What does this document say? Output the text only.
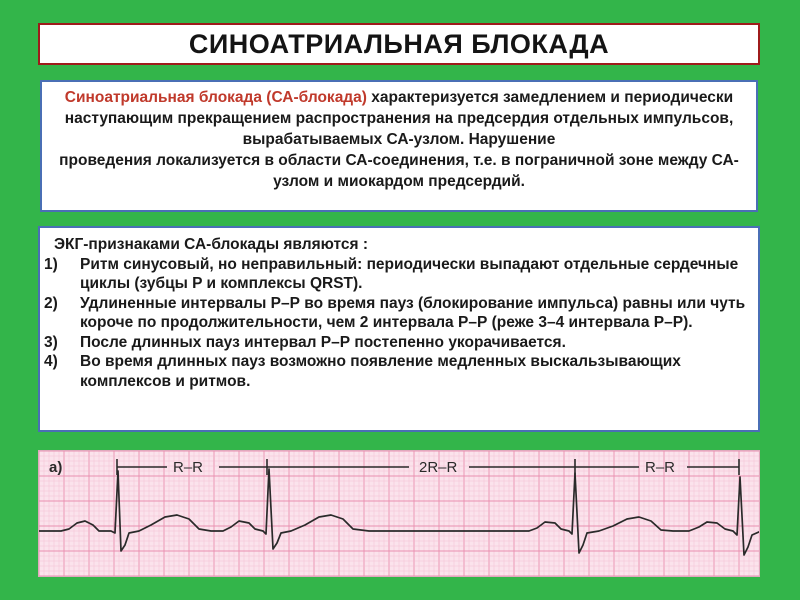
СИНОАТРИАЛЬНАЯ БЛОКАДА
Синоатриальная блокада (СА-блокада) характеризуется замедлением и периодически наступающим прекращением распространения на предсердия отдельных импульсов, вырабатываемых СА-узлом. Нарушение
проведения локализуется в области СА-соединения, т.е. в пограничной зоне между СА-узлом и миокардом предсердий.
ЭКГ-признаками СА-блокады являются :
1)	Ритм синусовый, но неправильный: периодически выпадают отдельные сердечные циклы (зубцы P и комплексы QRST).
2)	Удлиненные интервалы Р–Р во время пауз (блокирование импульса) равны или чуть короче по продолжительности, чем 2 интервала Р–Р (реже 3–4 интервала Р–Р).
3)	После длинных пауз интервал Р–Р постепенно укорачивается.
4)	Во время длинных пауз возможно появление медленных выскальзывающих комплексов и ритмов.
а)	R–R	2R–R	R–R
